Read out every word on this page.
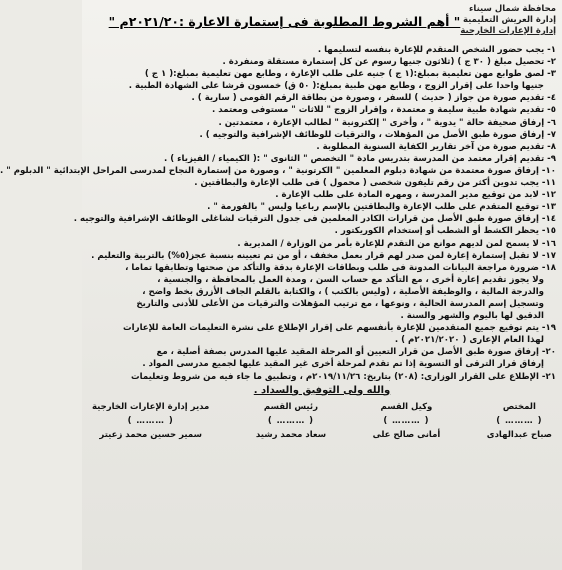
محافظة شمال سيناء
إدارة العريش التعليمية
إدارة الإعارات الخارجية
" أهم الشروط المطلوبة فى إستمارة الاعارة :٢٠٢١/٢٠م "
١- يجب حضور الشخص المتقدم للإعارة بنفسه لتسليمها .
٢- تحصيل مبلغ ( ٣٠ ج ) (ثلاثون جنيها رسوم عن كل إستمارة مستقلة ومنفردة .
٣- لصق طوابع مهن تعليمية بمبلغ:(١ ج ) جنيه على طلب الإعارة ، وطابع مهن تعليمية بمبلغ:( ١ ج )
جنيها واحدا على إقرار الزوج ، وطابع مهن طبية بمبلغ:( ٥٠ ق) خمسون قرشا على الشهادة الطبية .
٤- تقديم صورة من جواز ( حديث ) للسفر ، وصورة من بطاقة الرقم القومى ( سارية ) .
٥- تقديم شهادة طبية سليمة و معتمدة ، وإقرار الزوج " للاثات " مستوفى ومعتمد .
٦- إرفاق صحيفة حالة " يدوية " ، وأخرى " إلكترونية " لطالب الإعارة ، معتمدتين .
٧- إرفاق صورة طبق الأصل من المؤهلات ، والترقيات للوظائف الإشرافية والتوجيه ) .
٨- تقديم صورة من آخر تقارير الكفاية السنوية المطلوبة .
٩- تقديم إقرار معتمد من المدرسة بتدريس مادة " التخصص " الثانوى " :( الكيمياء / الفيزياء ) .
١٠- إرفاق صورة معتمدة من شهادة دبلوم المعلمين " الكرتونية " ، وصورة من إستمارة النجاح لمدرسى المراحل الإبتدائية " الدبلوم " .
١١- يجب تدوين أكثر من رقم تليفون شخصى ( محمول ) فى طلب الإعارة والبطاقتين .
١٢- لابد من توقيع مدير المدرسة ، ومهره المادة على طلب الإعارة .
١٣- توقيع المتقدم على طلب الإعارة والبطاقتين بالإسم رباعيا وليس " بالفورمة " .
١٤- إرفاق صورة طبق الأصل من قرارات الكادر المعلمين فى جدول الترقيات لشاغلى الوظائف الإشرافية والتوجيه .
١٥- يحظر الكشط أو الشطب أو إستخدام الكوريكتور .
١٦- لا يسمح لمن لديهم موانع من التقدم للإعارة بأمر من الوزارة / المديرية .
١٧- لا تقبل إستمارة إعارة لمن صدر لهم قرار بعمل مخفف ، أو من تم تعيينه بنسبة عجز(٥%) بالتربية والتعليم .
١٨- ضرورة مراجعة البيانات المدونة فى طلب وبطاقات الإعارة بدقة والتأكد من صحتها وتطابقها تماما ،
ولا يجوز تقديم إعارة أخرى ، مع التأكد مع حساب السن ، ومدة العمل بالمحافظة ، والجنسية ،
والدرجة المالية ، والوظيفة الأصلية ، (وليس بالكتب ) ، والكتابة بالقلم الجاف الأزرق بخط واضح ،
وتسجيل إسم المدرسة الحالية ، ونوعها ، مع ترتيب المؤهلات والترقيات من الأعلى للأدنى والتاريخ
الدقيق لها باليوم والشهر والسنة .
١٩- يتم توقيع جميع المتقدمين للإعارة بأنفسهم على إقرار الإطلاع على نشرة التعليمات العامة للإعارات
لهذا العام الإعارى ( ٢٠٢١/٢٠٢٠م ) .
٢٠- إرفاق صورة طبق الأصل من قرار التعيين أو المرحلة المقيد عليها المدرس بصفة أصلية ، مع
إرفاق قرار الترقى أو التسوية إذا تم تقدم لمرحلة أخرى غير المقيد عليها لجميع مدرسى المواد .
٢١- الإطلاع على القرار الوزارى: (٢٠٨) بتاريخ: ٢٠١٩/١١/٢٦م ، وتطبيق ما جاء فيه من شروط وتعليمات
والله ولى التوفيق والسداد .
المختص
( ……… )
صباح عبدالهادى
وكيل القسم
( ……… )
أمانى صالح على
رئيس القسم
( ……… )
سعاد محمد رشيد
مدير إدارة الإعارات الخارجية
( ……… )
سمير حسين محمد زعيتر
